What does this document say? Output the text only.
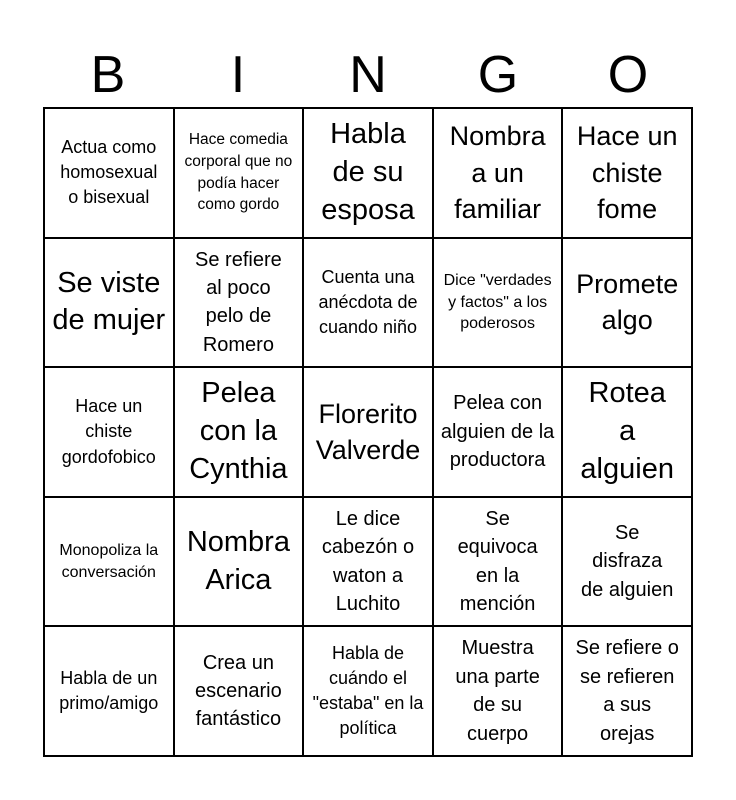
B	I	N	G	O
Actua como homosexual o bisexual
Hace comedia corporal que no podía hacer como gordo
Habla de su esposa
Nombra a un familiar
Hace un chiste fome
Se viste de mujer
Se refiere al poco pelo de Romero
Cuenta una anécdota de cuando niño
Dice "verdades y factos" a los poderosos
Promete algo
Hace un chiste gordofobico
Pelea con la Cynthia
Florerito Valverde
Pelea con alguien de la productora
Rotea a alguien
Monopoliza la conversación
Nombra Arica
Le dice cabezón o waton a Luchito
Se equivoca en la mención
Se disfraza de alguien
Habla de un primo/amigo
Crea un escenario fantástico
Habla de cuándo el "estaba" en la política
Muestra una parte de su cuerpo
Se refiere o se refieren a sus orejas
